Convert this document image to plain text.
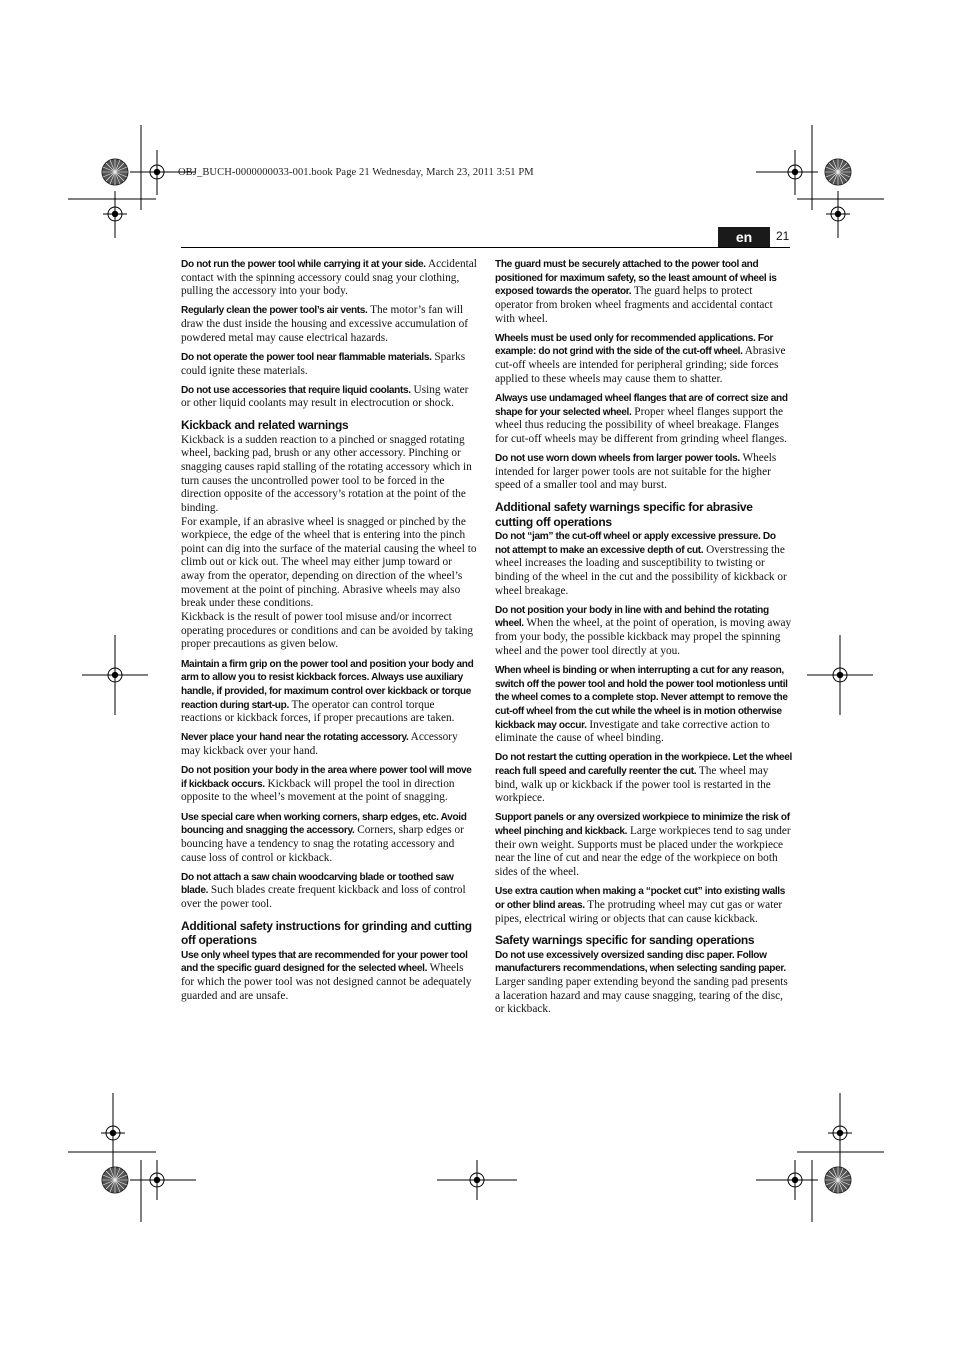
OBJ_BUCH-0000000033-001.book Page 21 Wednesday, March 23, 2011 3:51 PM
en	21

Do not run the power tool while carrying it at your side. Accidental contact with the spinning accessory could snag your clothing, pulling the accessory into your body.

Regularly clean the power tool’s air vents. The motor’s fan will draw the dust inside the housing and excessive accumulation of powdered metal may cause electrical hazards.

Do not operate the power tool near flammable materials. Sparks could ignite these materials.

Do not use accessories that require liquid coolants. Using water or other liquid coolants may result in electrocution or shock.

Kickback and related warnings

Kickback is a sudden reaction to a pinched or snagged rotating wheel, backing pad, brush or any other accessory. Pinching or snagging causes rapid stalling of the rotating accessory which in turn causes the uncontrolled power tool to be forced in the direction opposite of the accessory’s rotation at the point of the binding.

For example, if an abrasive wheel is snagged or pinched by the workpiece, the edge of the wheel that is entering into the pinch point can dig into the surface of the material causing the wheel to climb out or kick out. The wheel may either jump toward or away from the operator, depending on direction of the wheel’s movement at the point of pinching. Abrasive wheels may also break under these conditions.

Kickback is the result of power tool misuse and/or incorrect operating procedures or conditions and can be avoided by taking proper precautions as given below.

Maintain a firm grip on the power tool and position your body and arm to allow you to resist kickback forces. Always use auxiliary handle, if provided, for maximum control over kickback or torque reaction during start-up. The operator can control torque reactions or kickback forces, if proper precautions are taken.

Never place your hand near the rotating accessory. Accessory may kickback over your hand.

Do not position your body in the area where power tool will move if kickback occurs. Kickback will propel the tool in direction opposite to the wheel’s movement at the point of snagging.

Use special care when working corners, sharp edges, etc. Avoid bouncing and snagging the accessory. Corners, sharp edges or bouncing have a tendency to snag the rotating accessory and cause loss of control or kickback.

Do not attach a saw chain woodcarving blade or toothed saw blade. Such blades create frequent kickback and loss of control over the power tool.

Additional safety instructions for grinding and cutting off operations

Use only wheel types that are recommended for your power tool and the specific guard designed for the selected wheel. Wheels for which the power tool was not designed cannot be adequately guarded and are unsafe.

The guard must be securely attached to the power tool and positioned for maximum safety, so the least amount of wheel is exposed towards the operator. The guard helps to protect operator from broken wheel fragments and accidental contact with wheel.

Wheels must be used only for recommended applications. For example: do not grind with the side of the cut-off wheel. Abrasive cut-off wheels are intended for peripheral grinding; side forces applied to these wheels may cause them to shatter.

Always use undamaged wheel flanges that are of correct size and shape for your selected wheel. Proper wheel flanges support the wheel thus reducing the possibility of wheel breakage. Flanges for cut-off wheels may be different from grinding wheel flanges.

Do not use worn down wheels from larger power tools. Wheels intended for larger power tools are not suitable for the higher speed of a smaller tool and may burst.

Additional safety warnings specific for abrasive cutting off operations

Do not “jam” the cut-off wheel or apply excessive pressure. Do not attempt to make an excessive depth of cut. Overstressing the wheel increases the loading and susceptibility to twisting or binding of the wheel in the cut and the possibility of kickback or wheel breakage.

Do not position your body in line with and behind the rotating wheel. When the wheel, at the point of operation, is moving away from your body, the possible kickback may propel the spinning wheel and the power tool directly at you.

When wheel is binding or when interrupting a cut for any reason, switch off the power tool and hold the power tool motionless until the wheel comes to a complete stop. Never attempt to remove the cut-off wheel from the cut while the wheel is in motion otherwise kickback may occur. Investigate and take corrective action to eliminate the cause of wheel binding.

Do not restart the cutting operation in the workpiece. Let the wheel reach full speed and carefully reenter the cut. The wheel may bind, walk up or kickback if the power tool is restarted in the workpiece.

Support panels or any oversized workpiece to minimize the risk of wheel pinching and kickback. Large workpieces tend to sag under their own weight. Supports must be placed under the workpiece near the line of cut and near the edge of the workpiece on both sides of the wheel.

Use extra caution when making a “pocket cut” into existing walls or other blind areas. The protruding wheel may cut gas or water pipes, electrical wiring or objects that can cause kickback.

Safety warnings specific for sanding operations

Do not use excessively oversized sanding disc paper. Follow manufacturers recommendations, when selecting sanding paper. Larger sanding paper extending beyond the sanding pad presents a laceration hazard and may cause snagging, tearing of the disc, or kickback.
